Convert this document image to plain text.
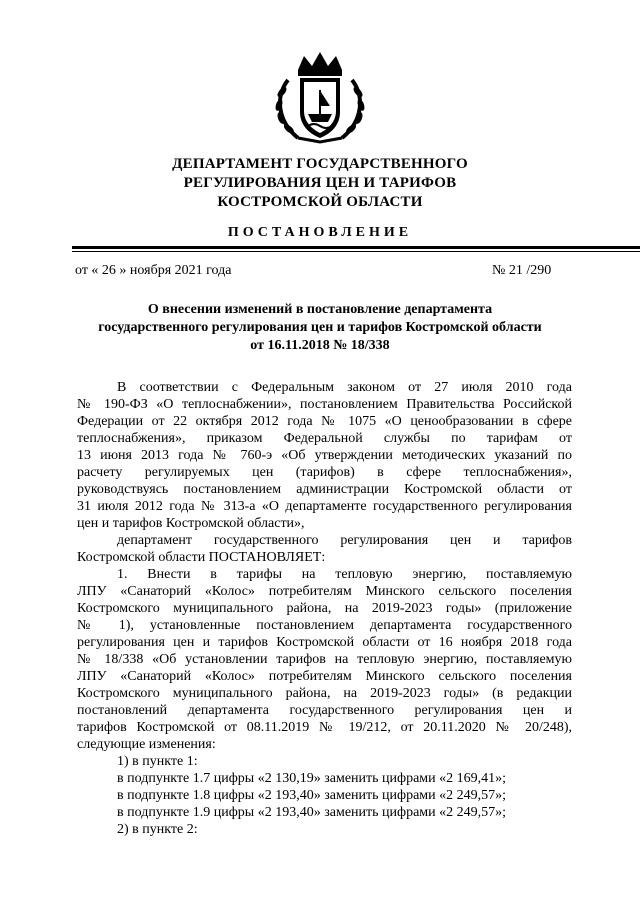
ДЕПАРТАМЕНТ ГОСУДАРСТВЕННОГО
РЕГУЛИРОВАНИЯ ЦЕН И ТАРИФОВ
КОСТРОМСКОЙ ОБЛАСТИ
ПОСТАНОВЛЕНИЕ
от « 26 » ноября 2021 года	№ 21 /290
О внесении изменений в постановление департамента
государственного регулирования цен и тарифов Костромской области
от 16.11.2018 № 18/338
В соответствии с Федеральным законом от 27 июля 2010 года
№ 190-ФЗ «О теплоснабжении», постановлением Правительства Российской
Федерации от 22 октября 2012 года № 1075 «О ценообразовании в сфере
теплоснабжения», приказом Федеральной службы по тарифам от
13 июня 2013 года № 760-э «Об утверждении методических указаний по
расчету регулируемых цен (тарифов) в сфере теплоснабжения»,
руководствуясь постановлением администрации Костромской области от
31 июля 2012 года № 313-а «О департаменте государственного регулирования
цен и тарифов Костромской области»,
департамент государственного регулирования цен и тарифов
Костромской области ПОСТАНОВЛЯЕТ:
1. Внести в тарифы на тепловую энергию, поставляемую
ЛПУ «Санаторий «Колос» потребителям Минского сельского поселения
Костромского муниципального района, на 2019-2023 годы» (приложение
№ 1), установленные постановлением департамента государственного
регулирования цен и тарифов Костромской области от 16 ноября 2018 года
№ 18/338 «Об установлении тарифов на тепловую энергию, поставляемую
ЛПУ «Санаторий «Колос» потребителям Минского сельского поселения
Костромского муниципального района, на 2019-2023 годы» (в редакции
постановлений департамента государственного регулирования цен и
тарифов Костромской от 08.11.2019 № 19/212, от 20.11.2020 № 20/248),
следующие изменения:
1) в пункте 1:
в подпункте 1.7 цифры «2 130,19» заменить цифрами «2 169,41»;
в подпункте 1.8 цифры «2 193,40» заменить цифрами «2 249,57»;
в подпункте 1.9 цифры «2 193,40» заменить цифрами «2 249,57»;
2) в пункте 2:
